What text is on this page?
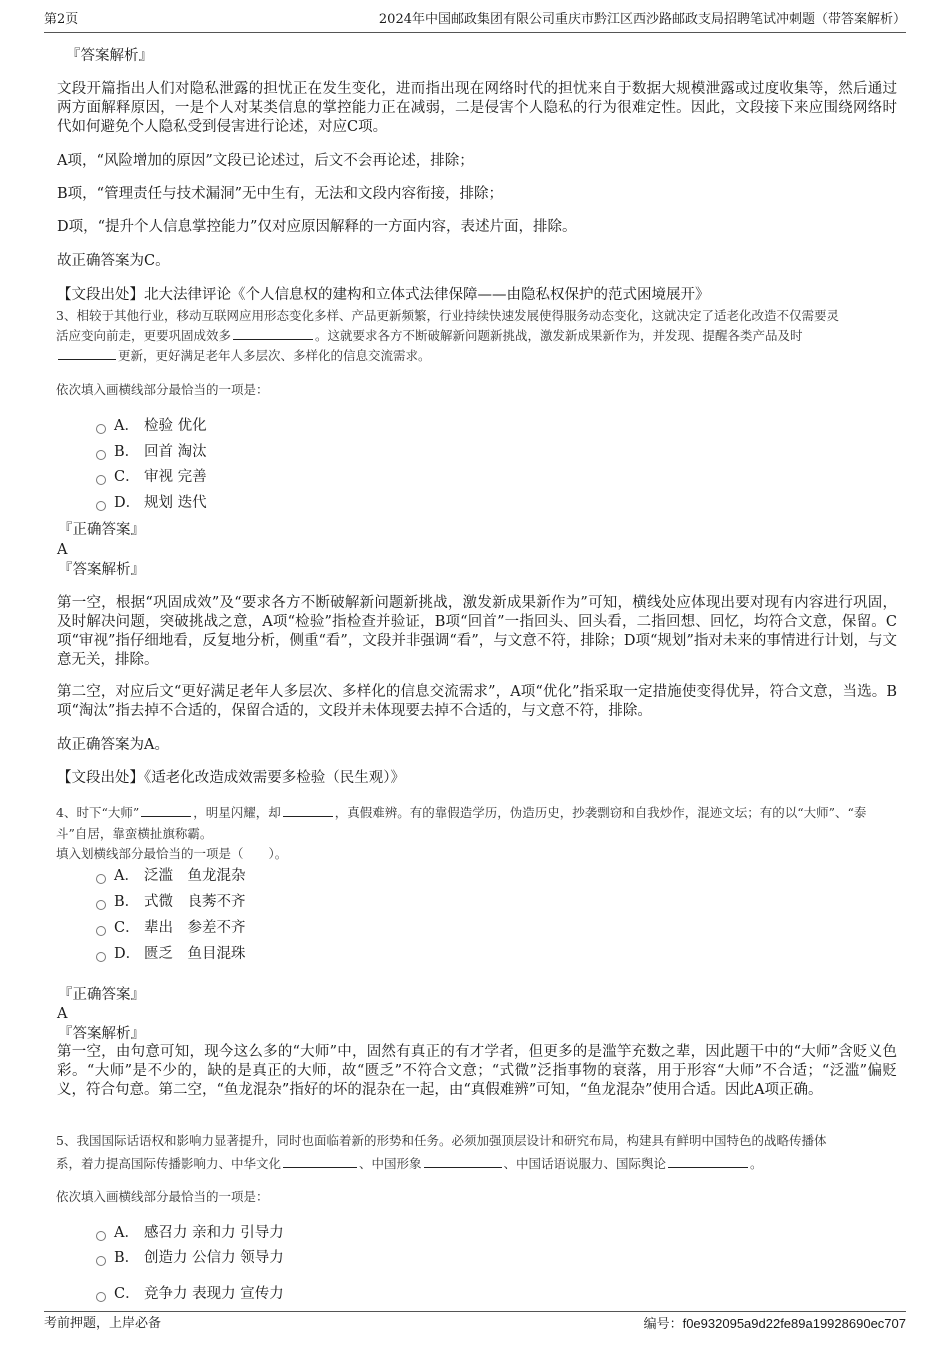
第2页	2024年中国邮政集团有限公司重庆市黔江区西沙路邮政支局招聘笔试冲刺题（带答案解析）
『答案解析』
文段开篇指出人们对隐私泄露的担忧正在发生变化，进而指出现在网络时代的担忧来自于数据大规模泄露或过度收集等，然后通过两方面解释原因，一是个人对某类信息的掌控能力正在减弱，二是侵害个人隐私的行为很难定性。因此，文段接下来应围绕网络时代如何避免个人隐私受到侵害进行论述，对应C项。
A项，“风险增加的原因”文段已论述过，后文不会再论述，排除；
B项，“管理责任与技术漏洞”无中生有，无法和文段内容衔接，排除；
D项，“提升个人信息掌控能力”仅对应原因解释的一方面内容，表述片面，排除。
故正确答案为C。
【文段出处】北大法律评论《个人信息权的建构和立体式法律保障——由隐私权保护的范式困境展开》
3、相较于其他行业，移动互联网应用形态变化多样、产品更新频繁，行业持续快速发展使得服务动态变化，这就决定了适老化改造不仅需要灵
活应变向前走，更要巩固成效多	。这就要求各方不断破解新问题新挑战，激发新成果新作为，并发现、提醒各类产品及时
更新，更好满足老年人多层次、多样化的信息交流需求。
依次填入画横线部分最恰当的一项是：
A． 检验 优化
B． 回首 淘汰
C． 审视 完善
D． 规划 迭代
『正确答案』
A
『答案解析』
第一空，根据“巩固成效”及“要求各方不断破解新问题新挑战，激发新成果新作为”可知，横线处应体现出要对现有内容进行巩固，及时解决问题，突破挑战之意，A项“检验”指检查并验证，B项“回首”一指回头、回头看，二指回想、回忆，均符合文意，保留。C项“审视”指仔细地看，反复地分析，侧重“看”，文段并非强调“看”，与文意不符，排除；D项“规划”指对未来的事情进行计划，与文意无关，排除。
第二空，对应后文“更好满足老年人多层次、多样化的信息交流需求”，A项“优化”指采取一定措施使变得优异，符合文意，当选。B项“淘汰”指去掉不合适的，保留合适的，文段并未体现要去掉不合适的，与文意不符，排除。
故正确答案为A。
【文段出处】《适老化改造成效需要多检验（民生观）》
4、时下“大师”	，明星闪耀，却	，真假难辨。有的靠假造学历，伪造历史，抄袭剽窃和自我炒作，混迹文坛；有的以“大师”、“泰
斗”自居，靠蛮横扯旗称霸。
填入划横线部分最恰当的一项是（　　）。
A． 泛滥　鱼龙混杂
B． 式微　良莠不齐
C． 辈出　参差不齐
D． 匮乏　鱼目混珠
『正确答案』
A
『答案解析』
第一空，由句意可知，现今这么多的“大师”中，固然有真正的有才学者，但更多的是滥竽充数之辈，因此题干中的“大师”含贬义色彩。“大师”是不少的，缺的是真正的大师，故“匮乏”不符合文意；“式微”泛指事物的衰落，用于形容“大师”不合适；“泛滥”偏贬义，符合句意。第二空，“鱼龙混杂”指好的坏的混杂在一起，由“真假难辨”可知，“鱼龙混杂”使用合适。因此A项正确。
5、我国国际话语权和影响力显著提升，同时也面临着新的形势和任务。必须加强顶层设计和研究布局，构建具有鲜明中国特色的战略传播体
系，着力提高国际传播影响力、中华文化	、中国形象	、中国话语说服力、国际舆论	。
依次填入画横线部分最恰当的一项是：
A． 感召力 亲和力 引导力
B． 创造力 公信力 领导力
C． 竞争力 表现力 宣传力
考前押题，上岸必备	编号：f0e932095a9d22fe89a19928690ec707
